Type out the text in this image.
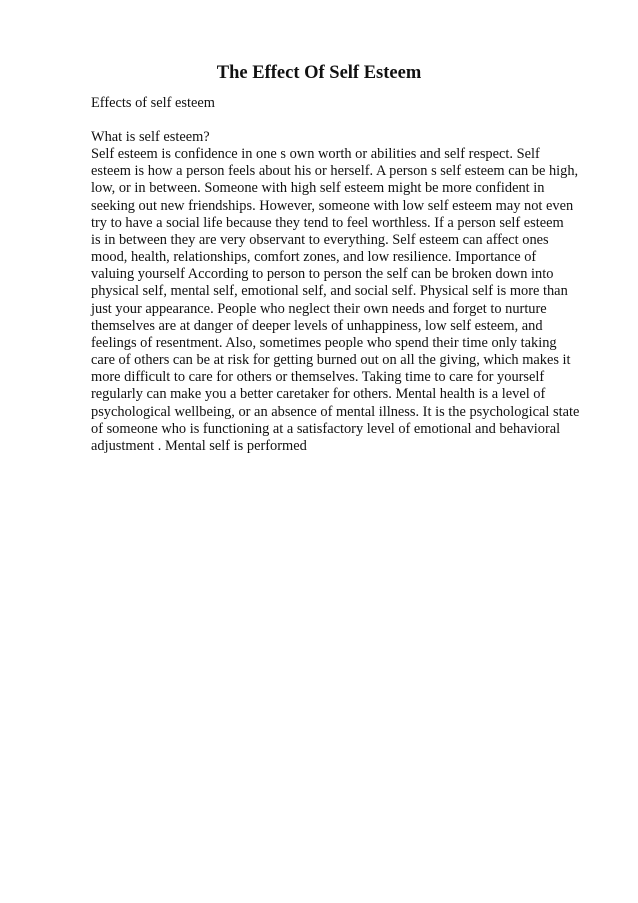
The Effect Of Self Esteem

Effects of self esteem

What is self esteem?
Self esteem is confidence in one s own worth or abilities and self respect. Self
esteem is how a person feels about his or herself. A person s self esteem can be high,
low, or in between. Someone with high self esteem might be more confident in
seeking out new friendships. However, someone with low self esteem may not even
try to have a social life because they tend to feel worthless. If a person self esteem
is in between they are very observant to everything. Self esteem can affect ones
mood, health, relationships, comfort zones, and low resilience. Importance of
valuing yourself According to person to person the self can be broken down into
physical self, mental self, emotional self, and social self. Physical self is more than
just your appearance. People who neglect their own needs and forget to nurture
themselves are at danger of deeper levels of unhappiness, low self esteem, and
feelings of resentment. Also, sometimes people who spend their time only taking
care of others can be at risk for getting burned out on all the giving, which makes it
more difficult to care for others or themselves. Taking time to care for yourself
regularly can make you a better caretaker for others. Mental health is a level of
psychological wellbeing, or an absence of mental illness. It is the psychological state
of someone who is functioning at a satisfactory level of emotional and behavioral
adjustment . Mental self is performed
